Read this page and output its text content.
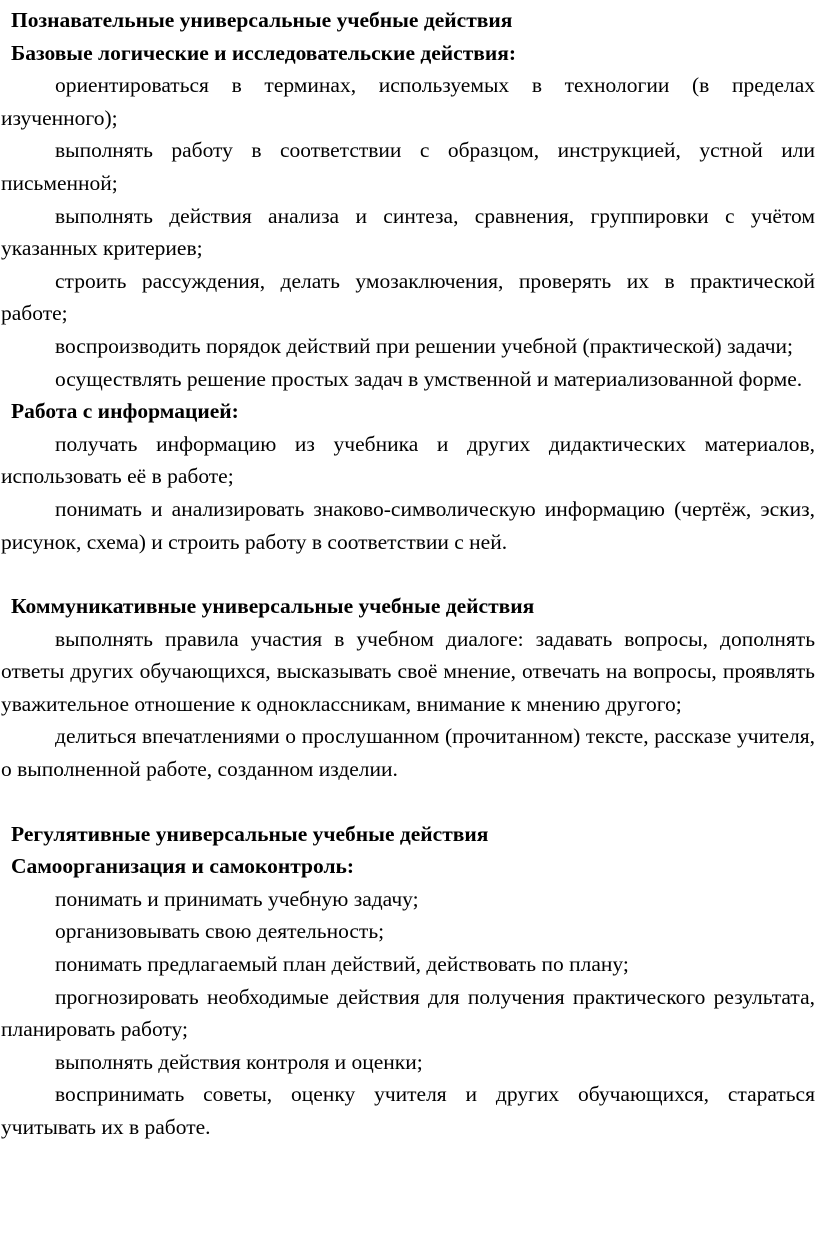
Познавательные универсальные учебные действия
Базовые логические и исследовательские действия:
ориентироваться в терминах, используемых в технологии (в пределах изученного);
выполнять работу в соответствии с образцом, инструкцией, устной или письменной;
выполнять действия анализа и синтеза, сравнения, группировки с учётом указанных критериев;
строить рассуждения, делать умозаключения, проверять их в практической работе;
воспроизводить порядок действий при решении учебной (практической) задачи;
осуществлять решение простых задач в умственной и материализованной форме.
Работа с информацией:
получать информацию из учебника и других дидактических материалов, использовать её в работе;
понимать и анализировать знаково-символическую информацию (чертёж, эскиз, рисунок, схема) и строить работу в соответствии с ней.
Коммуникативные универсальные учебные действия
выполнять правила участия в учебном диалоге: задавать вопросы, дополнять ответы других обучающихся, высказывать своё мнение, отвечать на вопросы, проявлять уважительное отношение к одноклассникам, внимание к мнению другого;
делиться впечатлениями о прослушанном (прочитанном) тексте, рассказе учителя, о выполненной работе, созданном изделии.
Регулятивные универсальные учебные действия
Самоорганизация и самоконтроль:
понимать и принимать учебную задачу;
организовывать свою деятельность;
понимать предлагаемый план действий, действовать по плану;
прогнозировать необходимые действия для получения практического результата, планировать работу;
выполнять действия контроля и оценки;
воспринимать советы, оценку учителя и других обучающихся, стараться учитывать их в работе.
